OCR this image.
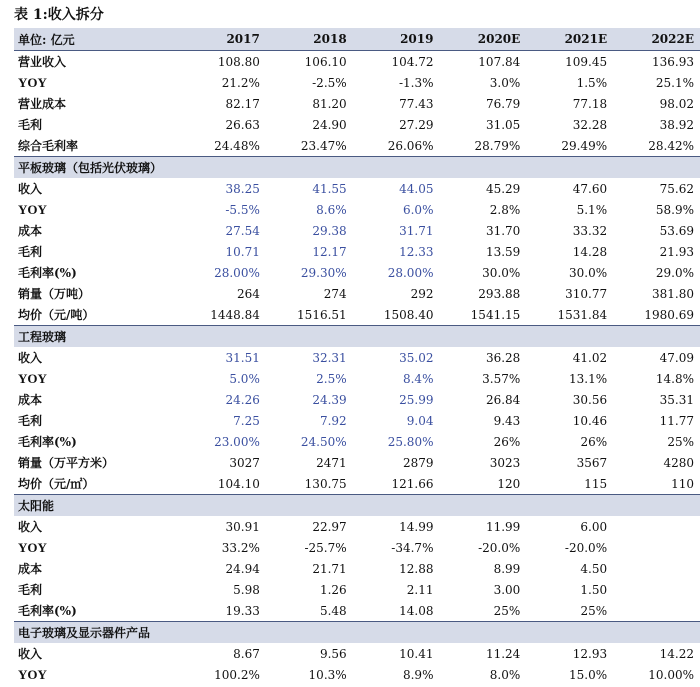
表 1:收入拆分
单位: 亿元	2017	2018	2019	2020E	2021E	2022E
营业收入	108.80	106.10	104.72	107.84	109.45	136.93
YOY	21.2%	-2.5%	-1.3%	3.0%	1.5%	25.1%
营业成本	82.17	81.20	77.43	76.79	77.18	98.02
毛利	26.63	24.90	27.29	31.05	32.28	38.92
综合毛利率	24.48%	23.47%	26.06%	28.79%	29.49%	28.42%
平板玻璃（包括光伏玻璃）						
收入	38.25	41.55	44.05	45.29	47.60	75.62
YOY	-5.5%	8.6%	6.0%	2.8%	5.1%	58.9%
成本	27.54	29.38	31.71	31.70	33.32	53.69
毛利	10.71	12.17	12.33	13.59	14.28	21.93
毛利率(%)	28.00%	29.30%	28.00%	30.0%	30.0%	29.0%
销量（万吨）	264	274	292	293.88	310.77	381.80
均价（元/吨）	1448.84	1516.51	1508.40	1541.15	1531.84	1980.69
工程玻璃						
收入	31.51	32.31	35.02	36.28	41.02	47.09
YOY	5.0%	2.5%	8.4%	3.57%	13.1%	14.8%
成本	24.26	24.39	25.99	26.84	30.56	35.31
毛利	7.25	7.92	9.04	9.43	10.46	11.77
毛利率(%)	23.00%	24.50%	25.80%	26%	26%	25%
销量（万平方米）	3027	2471	2879	3023	3567	4280
均价（元/㎡）	104.10	130.75	121.66	120	115	110
太阳能						
收入	30.91	22.97	14.99	11.99	6.00	
YOY	33.2%	-25.7%	-34.7%	-20.0%	-20.0%	
成本	24.94	21.71	12.88	8.99	4.50	
毛利	5.98	1.26	2.11	3.00	1.50	
毛利率(%)	19.33	5.48	14.08	25%	25%	
电子玻璃及显示器件产品						
收入	8.67	9.56	10.41	11.24	12.93	14.22
YOY	100.2%	10.3%	8.9%	8.0%	15.0%	10.00%
